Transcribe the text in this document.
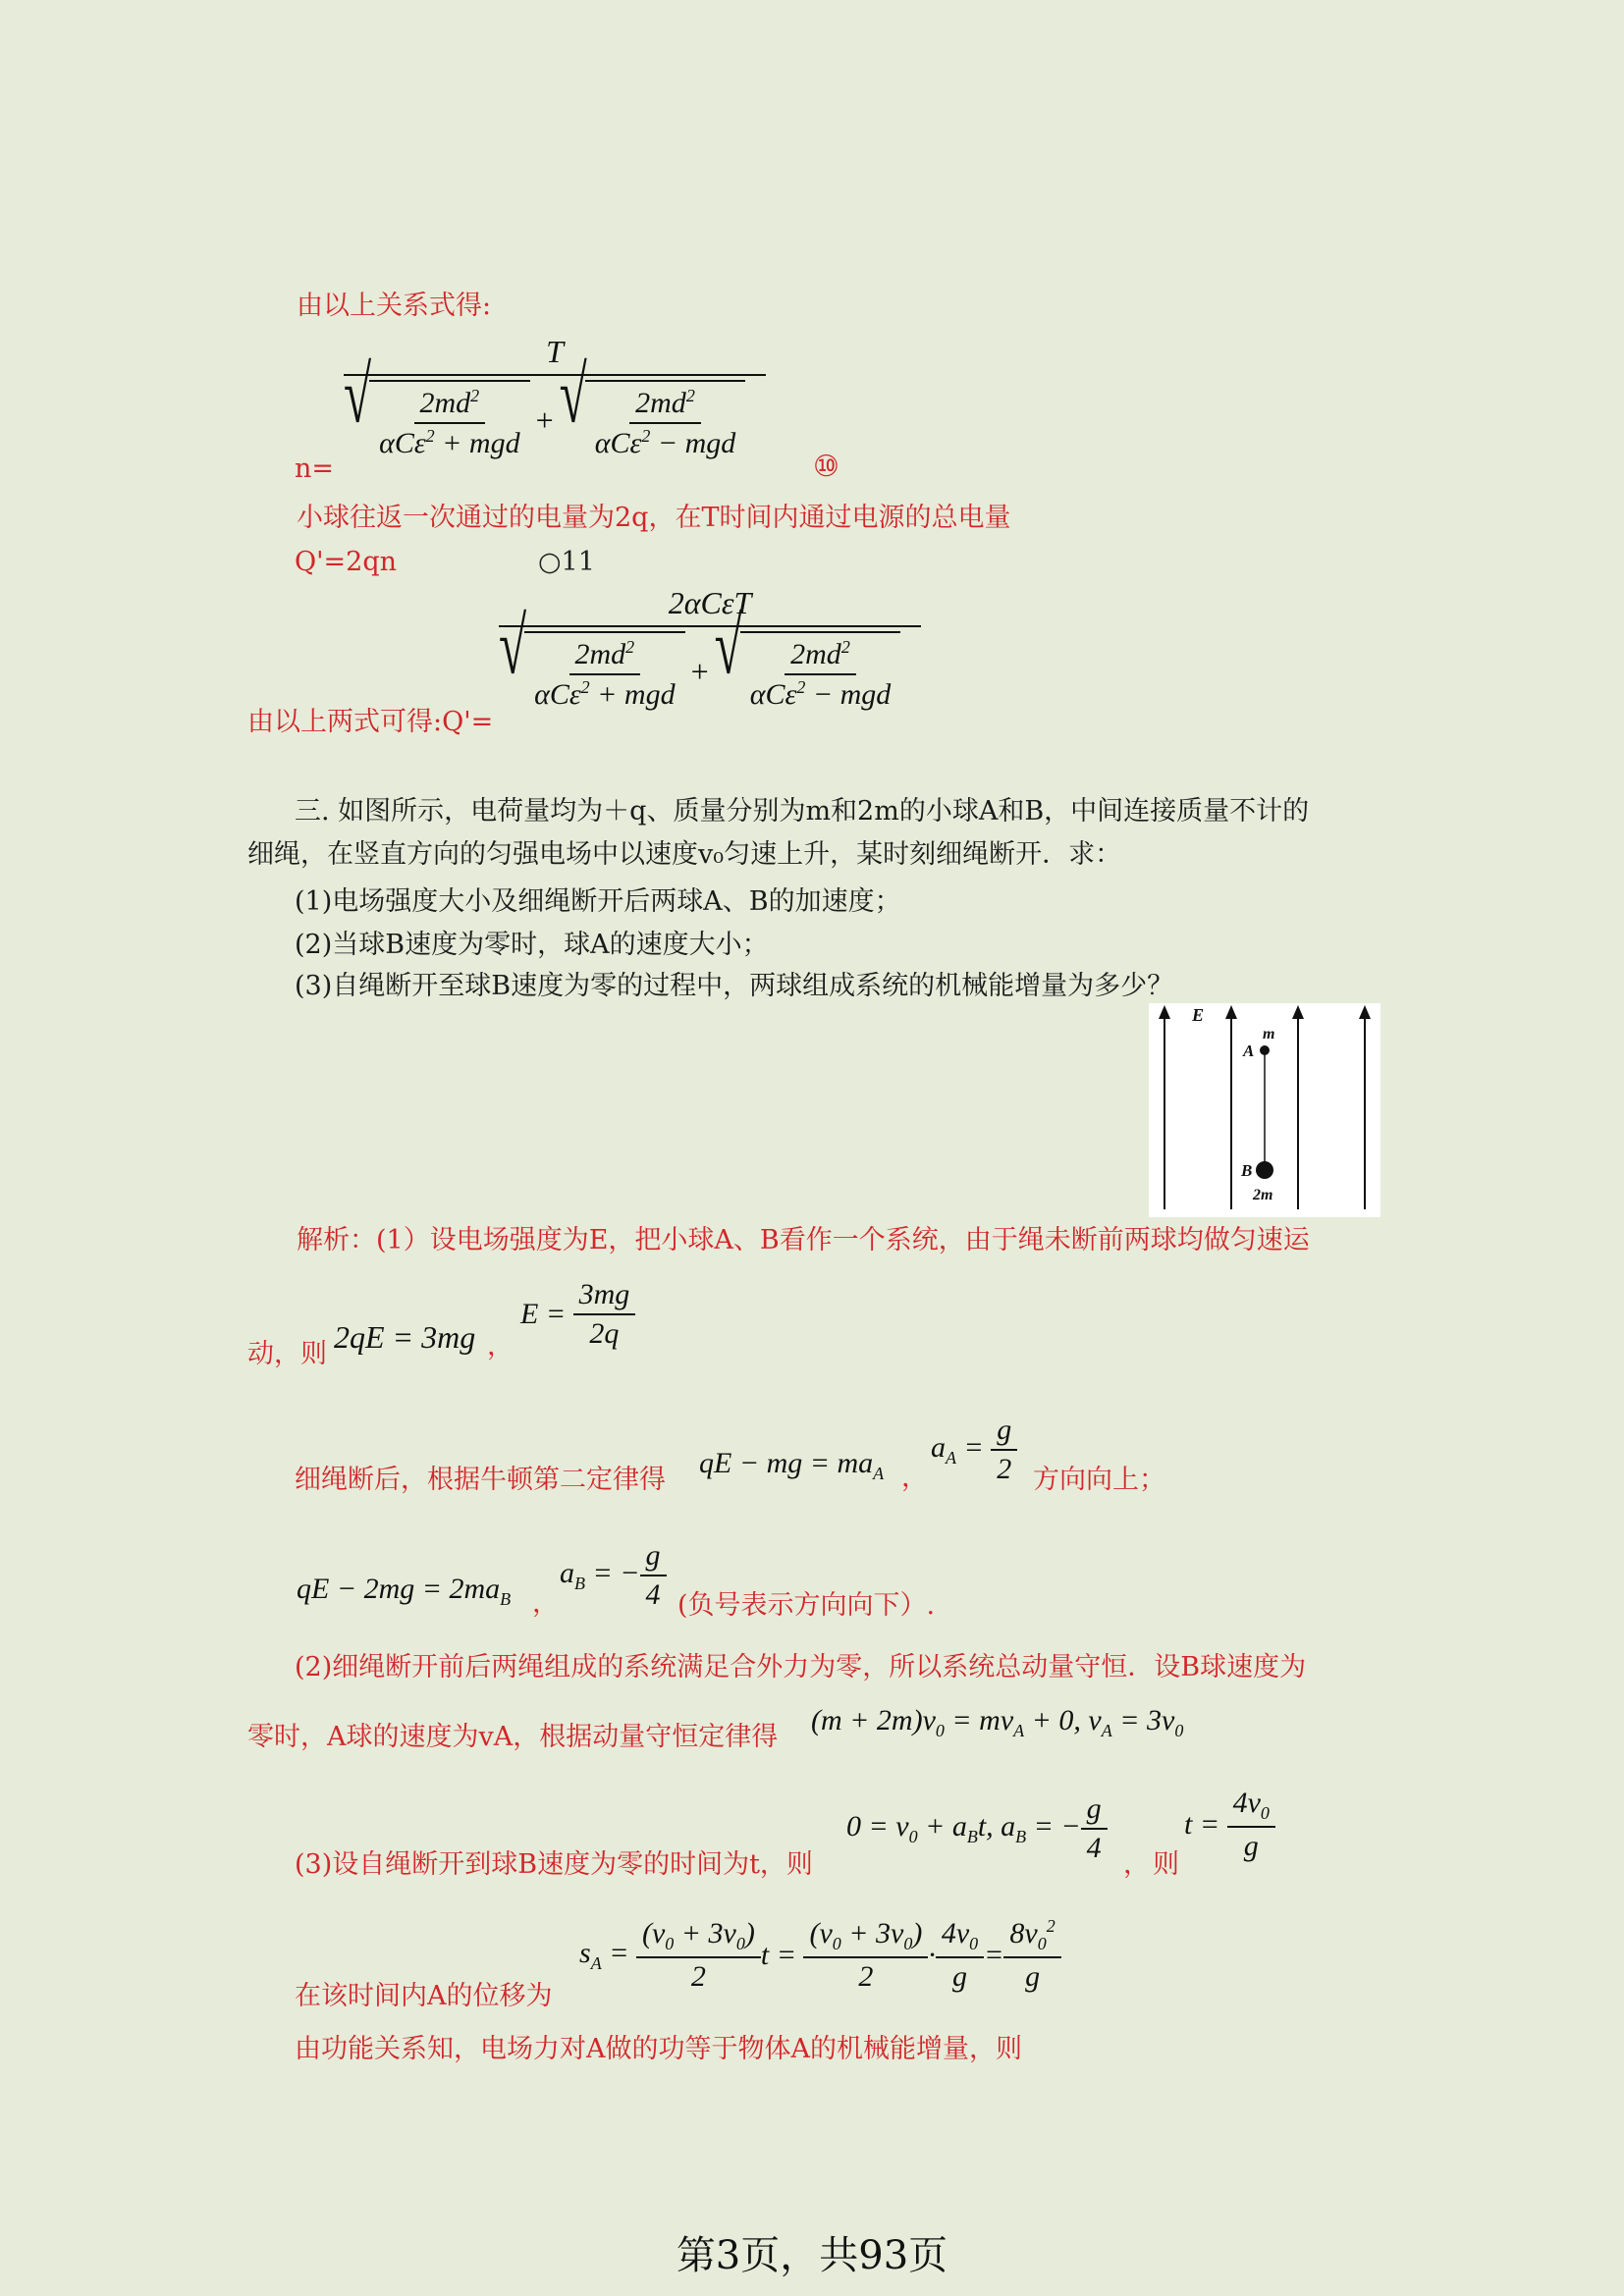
由以上关系式得:
n=
T
√ $\frac{2md^2}{\alpha C\varepsilon^2 + mgd}$ + √ $\frac{2md^2}{\alpha C\varepsilon^2 - mgd}$
⑩
小球往返一次通过的电量为2q，在T时间内通过电源的总电量
Q'=2qn	○11
由以上两式可得:Q'=
2αCεT
√ $\frac{2md^2}{\alpha C\varepsilon^2 + mgd}$ + √ $\frac{2md^2}{\alpha C\varepsilon^2 - mgd}$
三. 如图所示，电荷量均为＋q、质量分别为m和2m的小球A和B，中间连接质量不计的
细绳，在竖直方向的匀强电场中以速度v₀匀速上升，某时刻细绳断开．求：
(1)电场强度大小及细绳断开后两球A、B的加速度；
(2)当球B速度为零时，球A的速度大小；
(3)自绳断开至球B速度为零的过程中，两球组成系统的机械能增量为多少？
E
A
m
B
2m
解析：(1）设电场强度为E，把小球A、B看作一个系统，由于绳未断前两球均做匀速运
动，则 2qE = 3mg ，
$E = \frac{3mg}{2q}$
细绳断后，根据牛顿第二定律得
qE − mg = $ma_A$ ，
$a_A = \frac{g}{2}$ 方向向上；
qE − $2mg = 2ma_B$ ，
$a_B$ = − $\frac{g}{4}$ (负号表示方向向下）.
(2)细绳断开前后两绳组成的系统满足合外力为零，所以系统总动量守恒．设B球速度为
零时，A球的速度为vA，根据动量守恒定律得
$(m + 2m)v_0 = mv_A + 0$, $v_A = 3v_0$
(3)设自绳断开到球B速度为零的时间为t，则
$0 = v_0 + a_Bt$, $a_B$ = − $\frac{g}{4}$ ， 则
$t = \frac{4v_0}{g}$
在该时间内A的位移为
$s_A = \frac{(v_0 + 3v_0)}{2}$ $t = \frac{(v_0 + 3v_0)}{2} \cdot \frac{4v_0}{g} = \frac{8v_0^2}{g}$
由功能关系知，电场力对A做的功等于物体A的机械能增量，则
第3页，共93页
